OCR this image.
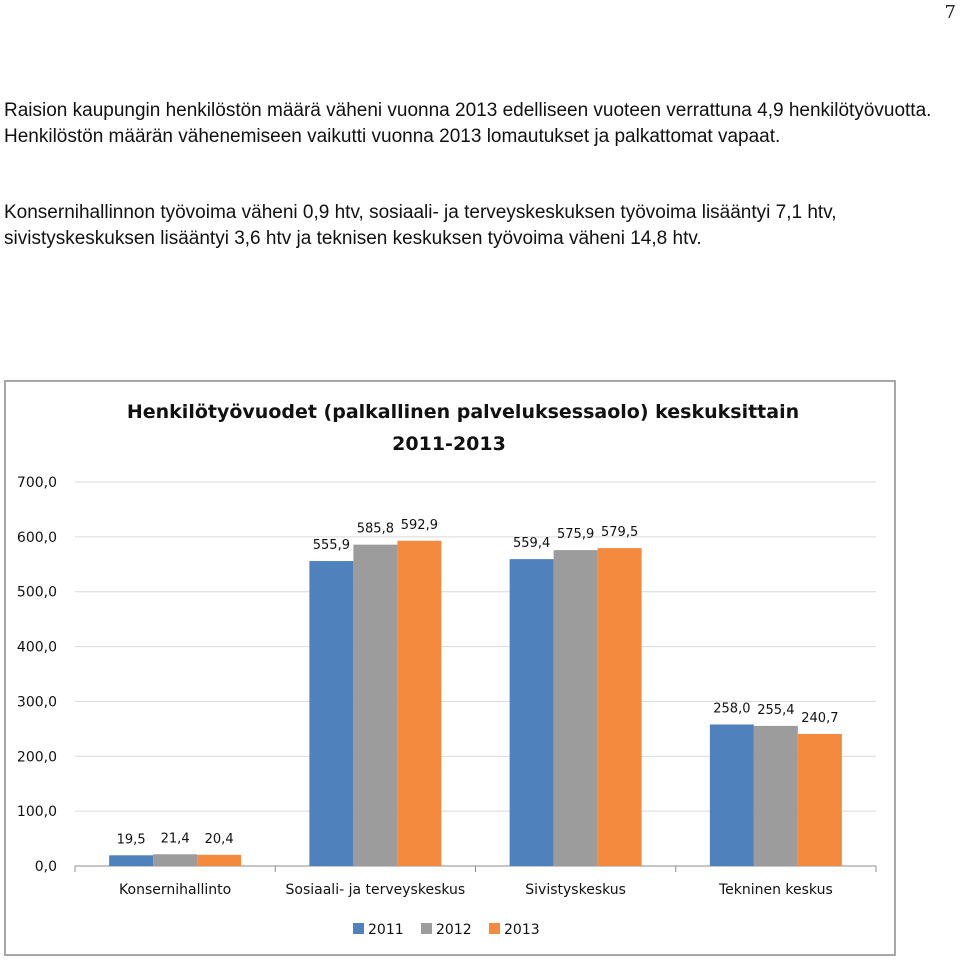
7

Raision kaupungin henkilöstön määrä väheni vuonna 2013 edelliseen vuoteen verrattuna 4,9 henkilötyövuotta. Henkilöstön määrän vähenemiseen vaikutti vuonna 2013 lomautukset ja palkattomat vapaat.

Konsernihallinnon työvoima väheni 0,9 htv, sosiaali- ja terveyskeskuksen työvoima lisääntyi 7,1 htv, sivistyskeskuksen lisääntyi 3,6 htv ja teknisen keskuksen työvoima väheni 14,8 htv.

Henkilötyövuodet (palkallinen palveluksessaolo) keskuksittain
2011-2013
0,0
100,0
200,0
300,0
400,0
500,0
600,0
700,0
19,5 21,4 20,4
555,9
585,8 592,9
559,4
575,9 579,5
258,0 255,4
240,7
Konsernihallinto	Sosiaali- ja terveyskeskus	Sivistyskeskus	Tekninen keskus
2011 2012 2013
